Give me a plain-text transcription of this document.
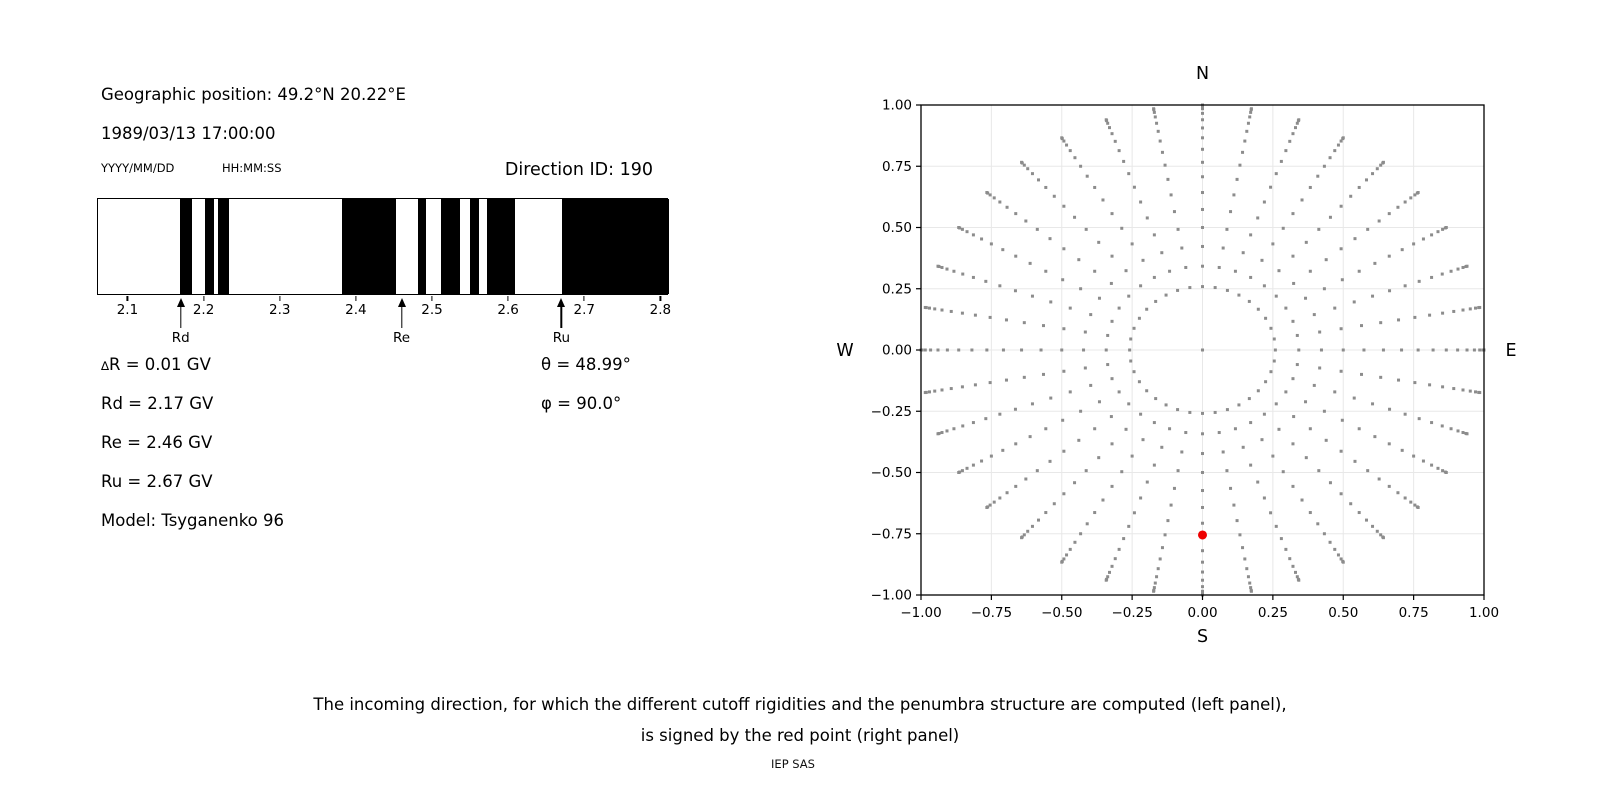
Geographic position: 49.2°N 20.22°E
1989/03/13 17:00:00
YYYY/MM/DD	HH:MM:SS	Direction ID: 190
2.1	2.2	2.3	2.4	2.5	2.6	2.7	2.8
Rd	Re	Ru
∆R = 0.01 GV
Rd = 2.17 GV
Re = 2.46 GV
Ru = 2.67 GV
Model: Tsyganenko 96
θ = 48.99°
φ = 90.0°
−1.00
−1.00
−0.75
−0.75
−0.50
−0.50
−0.25
−0.25
0.00
0.00
0.25
0.25
0.50
0.50
0.75
0.75
1.00
1.00
N
S
W	E
The incoming direction, for which the different cutoff rigidities and the penumbra structure are computed (left panel),
is signed by the red point (right panel)
IEP SAS
